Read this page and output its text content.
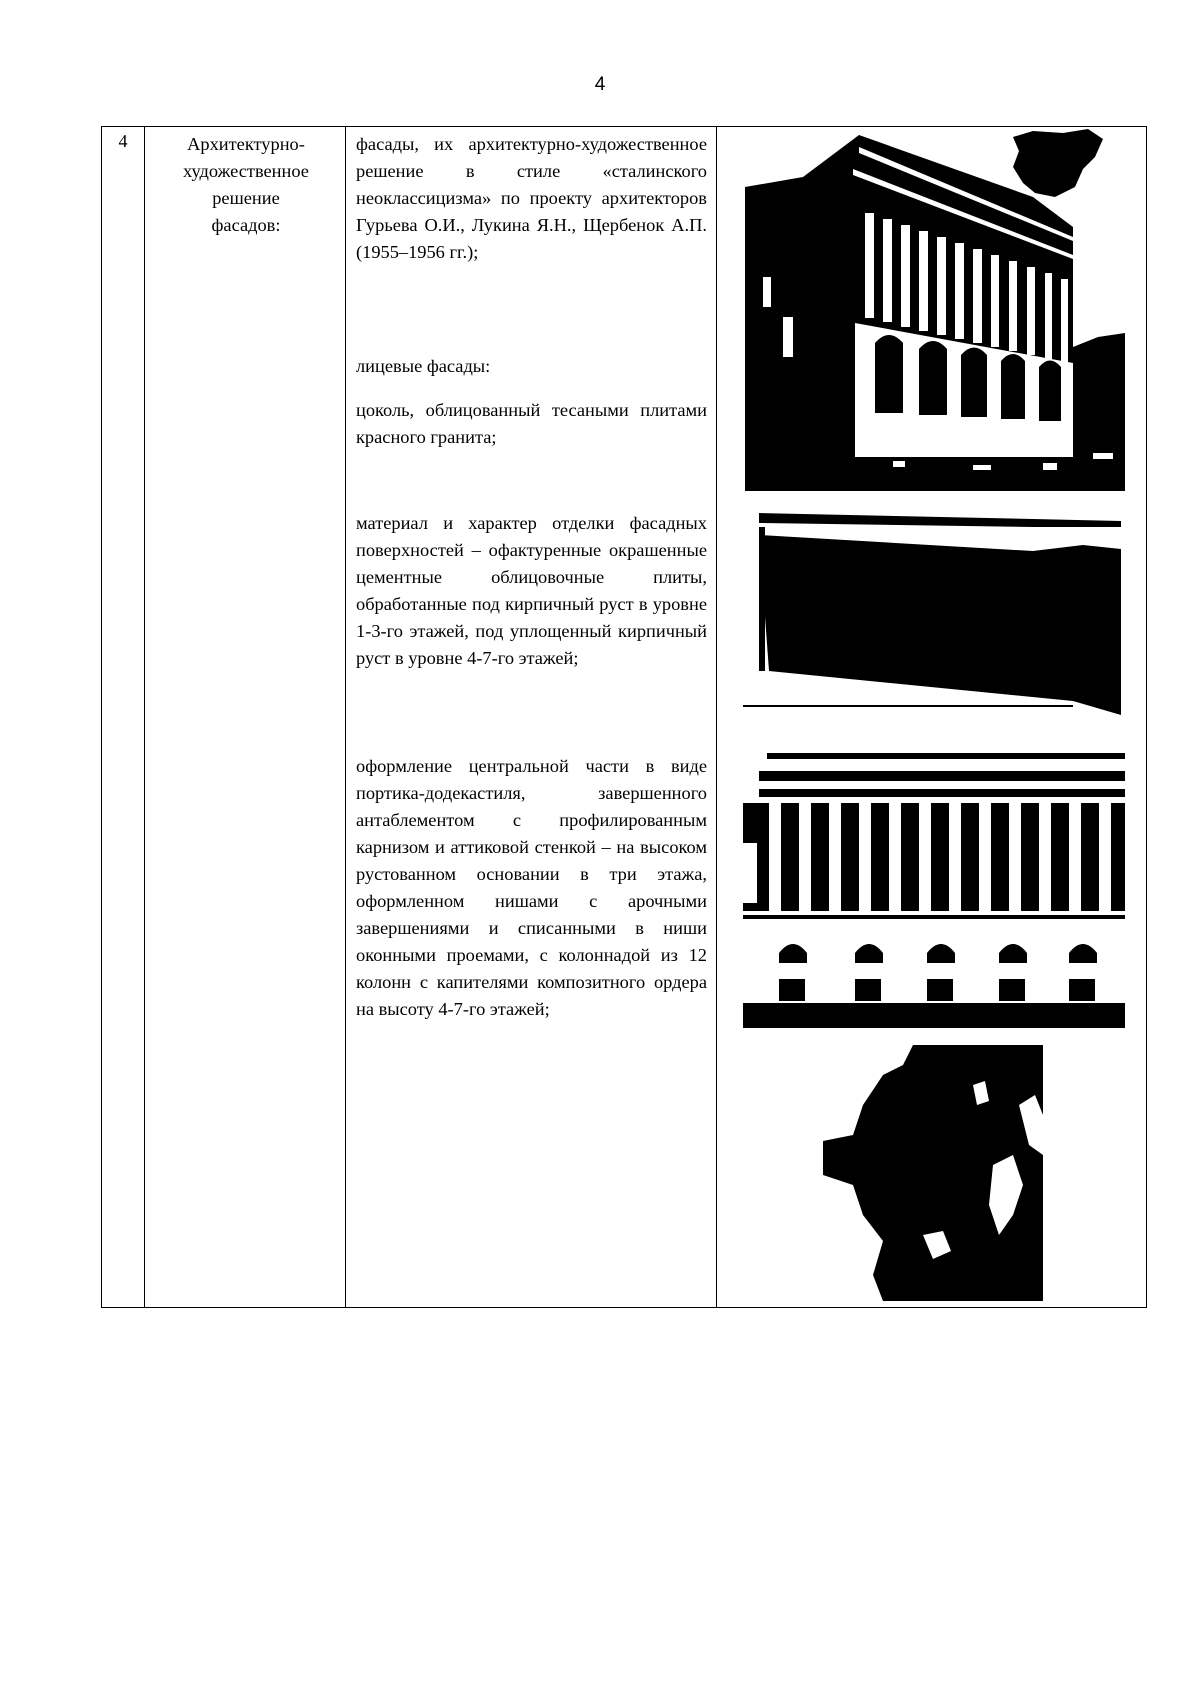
4
4	Архитектурно-
художественное
решение
фасадов:

фасады, их архитектурно-художественное решение в стиле «сталинского неоклассицизма» по проекту архитекторов Гурьева О.И., Лукина Я.Н., Щербенок А.П. (1955–1956 гг.);

лицевые фасады:

цоколь, облицованный тесаными плитами красного гранита;

материал и характер отделки фасадных поверхностей – офактуренные окрашенные цементные облицовочные плиты, обработанные под кирпичный руст в уровне 1-3-го этажей, под уплощенный кирпичный руст в уровне 4-7-го этажей;

оформление центральной части в виде портика-додекастиля, завершенного антаблементом с профилированным карнизом и аттиковой стенкой – на высоком рустованном основании в три этажа, оформленном нишами с арочными завершениями и списанными в ниши оконными проемами, с колоннадой из 12 колонн с капителями композитного ордера на высоту 4-7-го этажей;
